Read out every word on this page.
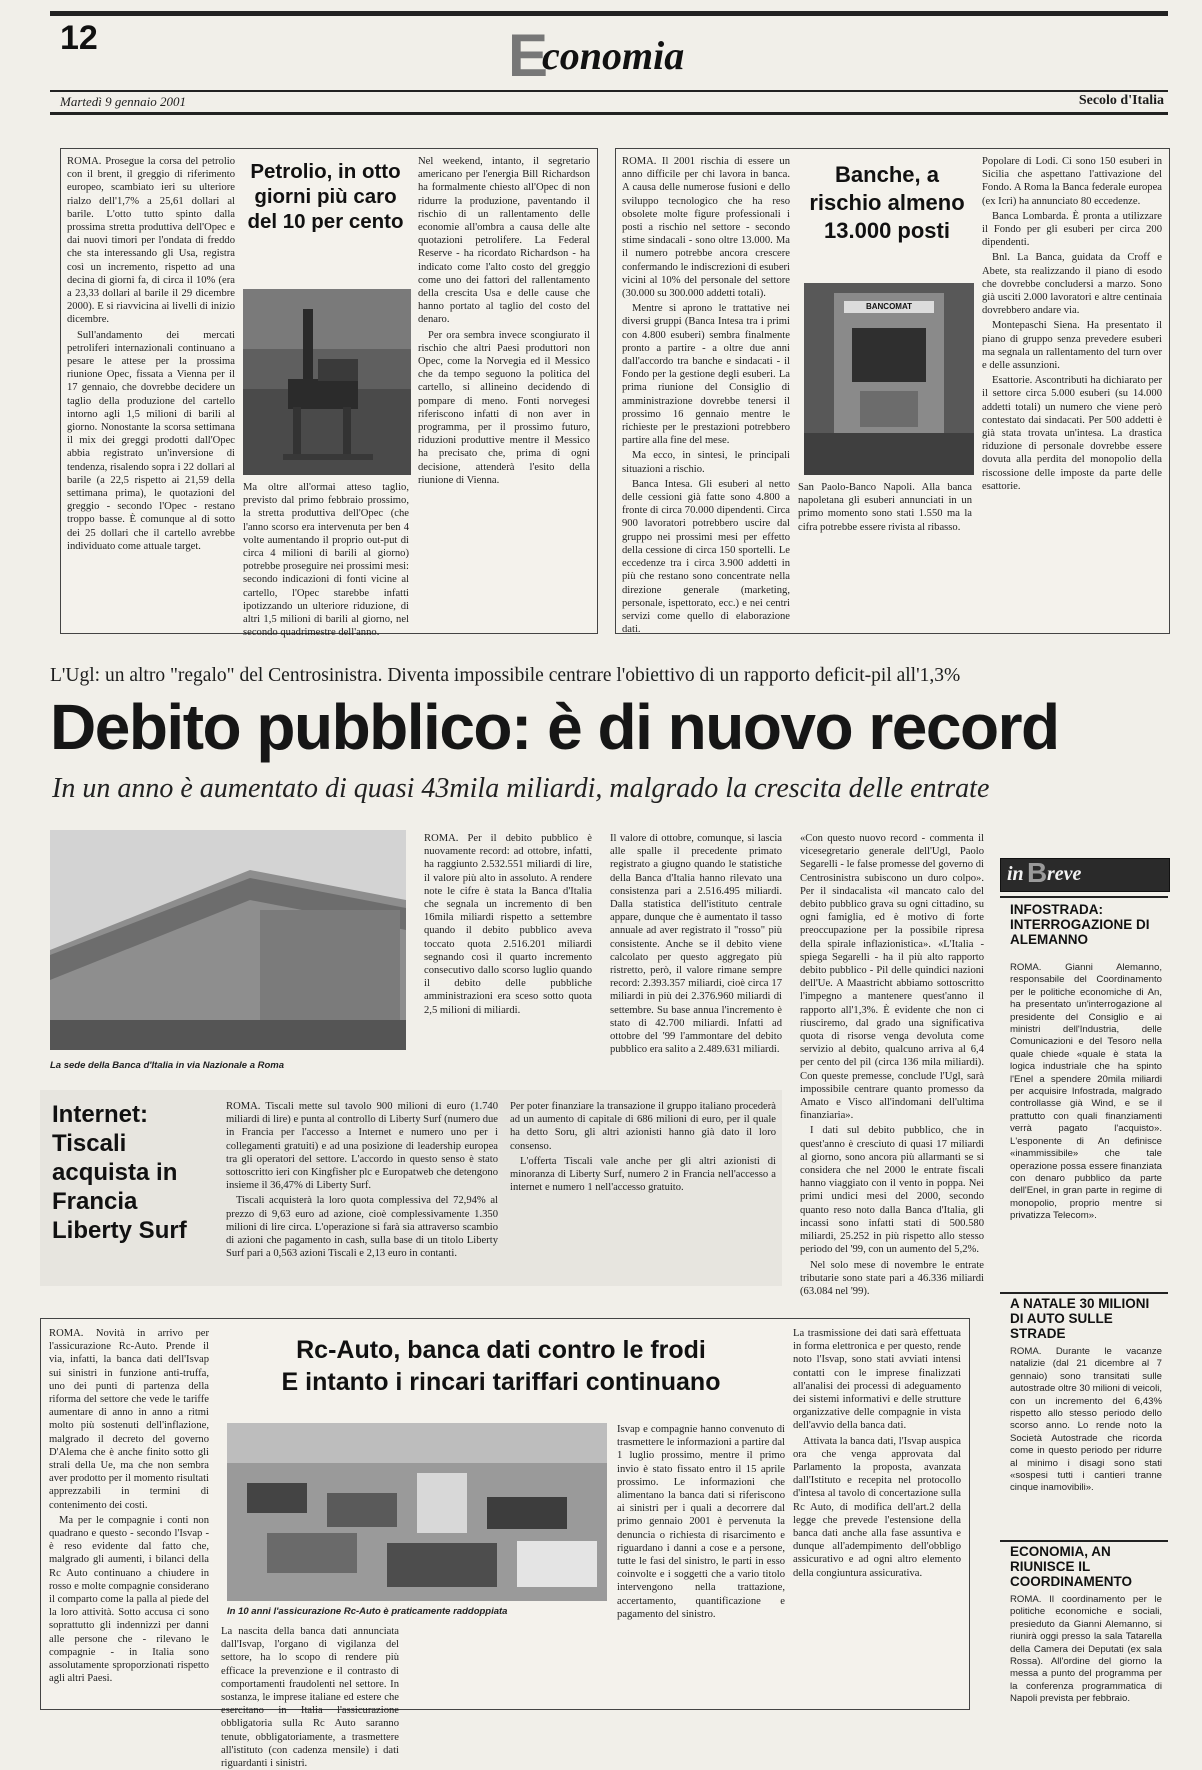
12	Economia
Martedì 9 gennaio 2001	Secolo d'Italia

ROMA. Prosegue la corsa del petrolio con il brent, il greggio di riferimento europeo, scambiato ieri su ulteriore rialzo dell'1,7% a 25,61 dollari al barile. L'otto tutto spinto dalla prossima stretta produttiva dell'Opec e dai nuovi timori per l'ondata di freddo che sta interessando gli Usa, registra così un incremento, rispetto ad una decina di giorni fa, di circa il 10% (era a 23,33 dollari al barile il 29 dicembre 2000). E si riavvicina ai livelli di inizio dicembre.

Sull'andamento dei mercati petroliferi internazionali continuano a pesare le attese per la prossima riunione Opec, fissata a Vienna per il 17 gennaio, che dovrebbe decidere un taglio della produzione del cartello intorno agli 1,5 milioni di barili al giorno. Nonostante la scorsa settimana il mix dei greggi prodotti dall'Opec abbia registrato un'inversione di tendenza, risalendo sopra i 22 dollari al barile (a 22,5 rispetto ai 21,59 della settimana prima), le quotazioni del greggio - secondo l'Opec - restano troppo basse. È comunque al di sotto dei 25 dollari che il cartello avrebbe individuato come attuale target.

Petrolio, in otto giorni più caro del 10 per cento

Ma oltre all'ormai atteso taglio, previsto dal primo febbraio prossimo, la stretta produttiva dell'Opec (che l'anno scorso era intervenuta per ben 4 volte aumentando il proprio out-put di circa 4 milioni di barili al giorno) potrebbe proseguire nei prossimi mesi: secondo indicazioni di fonti vicine al cartello, l'Opec starebbe infatti ipotizzando un ulteriore riduzione, di altri 1,5 milioni di barili al giorno, nel secondo quadrimestre dell'anno.

Nel weekend, intanto, il segretario americano per l'energia Bill Richardson ha formalmente chiesto all'Opec di non ridurre la produzione, paventando il rischio di un rallentamento delle economie all'ombra a causa delle alte quotazioni petrolifere. La Federal Reserve - ha ricordato Richardson - ha indicato come l'alto costo del greggio come uno dei fattori del rallentamento della crescita Usa e delle cause che hanno portato al taglio del costo del denaro.

Per ora sembra invece scongiurato il rischio che altri Paesi produttori non Opec, come la Norvegia ed il Messico che da tempo seguono la politica del cartello, si allineino decidendo di pompare di meno. Fonti norvegesi riferiscono infatti di non aver in programma, per il prossimo futuro, riduzioni produttive mentre il Messico ha precisato che, prima di ogni decisione, attenderà l'esito della riunione di Vienna.

ROMA. Il 2001 rischia di essere un anno difficile per chi lavora in banca. A causa delle numerose fusioni e dello sviluppo tecnologico che ha reso obsolete molte figure professionali i posti a rischio nel settore - secondo stime sindacali - sono oltre 13.000. Ma il numero potrebbe ancora crescere confermando le indiscrezioni di esuberi vicini al 10% del personale del settore (30.000 su 300.000 addetti totali).

Mentre si aprono le trattative nei diversi gruppi (Banca Intesa tra i primi con 4.800 esuberi) sembra finalmente pronto a partire - a oltre due anni dall'accordo tra banche e sindacati - il Fondo per la gestione degli esuberi. La prima riunione del Consiglio di amministrazione dovrebbe tenersi il prossimo 16 gennaio mentre le richieste per le prestazioni potrebbero partire alla fine del mese.

Ma ecco, in sintesi, le principali situazioni a rischio.

Banca Intesa. Gli esuberi al netto delle cessioni già fatte sono 4.800 a fronte di circa 70.000 dipendenti. Circa 900 lavoratori potrebbero uscire dal gruppo nei prossimi mesi per effetto della cessione di circa 150 sportelli. Le eccedenze tra i circa 3.900 addetti in più che restano sono concentrate nella direzione generale (marketing, personale, ispettorato, ecc.) e nei centri servizi come quello di elaborazione dati.

Banche, a rischio almeno 13.000 posti
BANCOMAT

San Paolo-Banco Napoli. Alla banca napoletana gli esuberi annunciati in un primo momento sono stati 1.550 ma la cifra potrebbe essere rivista al ribasso.

Popolare di Lodi. Ci sono 150 esuberi in Sicilia che aspettano l'attivazione del Fondo. A Roma la Banca federale europea (ex Icri) ha annunciato 80 eccedenze.

Banca Lombarda. È pronta a utilizzare il Fondo per gli esuberi per circa 200 dipendenti.

Bnl. La Banca, guidata da Croff e Abete, sta realizzando il piano di esodo che dovrebbe concludersi a marzo. Sono già usciti 2.000 lavoratori e altre centinaia dovrebbero andare via.

Montepaschi Siena. Ha presentato il piano di gruppo senza prevedere esuberi ma segnala un rallentamento del turn over e delle assunzioni.

Esattorie. Ascontributi ha dichiarato per il settore circa 5.000 esuberi (su 14.000 addetti totali) un numero che viene però contestato dai sindacati. Per 500 addetti è già stata trovata un'intesa. La drastica riduzione di personale dovrebbe essere dovuta alla perdita del monopolio della riscossione delle imposte da parte delle esattorie.

L'Ugl: un altro "regalo" del Centrosinistra. Diventa impossibile centrare l'obiettivo di un rapporto deficit-pil all'1,3%
Debito pubblico: è di nuovo record
In un anno è aumentato di quasi 43mila miliardi, malgrado la crescita delle entrate
La sede della Banca d'Italia in via Nazionale a Roma

ROMA. Per il debito pubblico è nuovamente record: ad ottobre, infatti, ha raggiunto 2.532.551 miliardi di lire, il valore più alto in assoluto. A rendere note le cifre è stata la Banca d'Italia che segnala un incremento di ben 16mila miliardi rispetto a settembre quando il debito pubblico aveva toccato quota 2.516.201 miliardi segnando così il quarto incremento consecutivo dallo scorso luglio quando il debito delle pubbliche amministrazioni era sceso sotto quota 2,5 milioni di miliardi.

Il valore di ottobre, comunque, si lascia alle spalle il precedente primato registrato a giugno quando le statistiche della Banca d'Italia hanno rilevato una consistenza pari a 2.516.495 miliardi. Dalla statistica dell'istituto centrale appare, dunque che è aumentato il tasso annuale ad aver registrato il "rosso" più consistente. Anche se il debito viene calcolato per questo aggregato più ristretto, però, il valore rimane sempre record: 2.393.357 miliardi, cioè circa 17 miliardi in più dei 2.376.960 miliardi di settembre. Su base annua l'incremento è stato di 42.700 miliardi. Infatti ad ottobre del '99 l'ammontare del debito pubblico era salito a 2.489.631 miliardi.

«Con questo nuovo record - commenta il vicesegretario generale dell'Ugl, Paolo Segarelli - le false promesse del governo di Centrosinistra subiscono un duro colpo». Per il sindacalista «il mancato calo del debito pubblico grava su ogni cittadino, su ogni famiglia, ed è motivo di forte preoccupazione per la possibile ripresa della spirale inflazionistica». «L'Italia - spiega Segarelli - ha il più alto rapporto debito pubblico - Pil delle quindici nazioni dell'Ue. A Maastricht abbiamo sottoscritto l'impegno a mantenere quest'anno il rapporto all'1,3%. È evidente che non ci riusciremo, dal grado una significativa quota di risorse venga devoluta come servizio al debito, qualcuno arriva al 6,4 per cento del pil (circa 136 mila miliardi). Con queste premesse, conclude l'Ugl, sarà impossibile centrare quanto promesso da Amato e Visco all'indomani dell'ultima finanziaria».

I dati sul debito pubblico, che in quest'anno è cresciuto di quasi 17 miliardi al giorno, sono ancora più allarmanti se si considera che nel 2000 le entrate fiscali hanno viaggiato con il vento in poppa. Nei primi undici mesi del 2000, secondo quanto reso noto dalla Banca d'Italia, gli incassi sono infatti stati di 500.580 miliardi, 25.252 in più rispetto allo stesso periodo del '99, con un aumento del 5,2%.

Nel solo mese di novembre le entrate tributarie sono state pari a 46.336 miliardi (63.084 nel '99).

Internet: Tiscali acquista in Francia Liberty Surf

ROMA. Tiscali mette sul tavolo 900 milioni di euro (1.740 miliardi di lire) e punta al controllo di Liberty Surf (numero due in Francia per l'accesso a Internet e numero uno per i collegamenti gratuiti) e ad una posizione di leadership europea tra gli operatori del settore. L'accordo in questo senso è stato sottoscritto ieri con Kingfisher plc e Europatweb che detengono insieme il 36,47% di Liberty Surf.

Tiscali acquisterà la loro quota complessiva del 72,94% al prezzo di 9,63 euro ad azione, cioè complessivamente 1.350 milioni di lire circa. L'operazione si farà sia attraverso scambio di azioni che pagamento in cash, sulla base di un titolo Liberty Surf pari a 0,563 azioni Tiscali e 2,13 euro in contanti.

Per poter finanziare la transazione il gruppo italiano procederà ad un aumento di capitale di 686 milioni di euro, per il quale ha detto Soru, gli altri azionisti hanno già dato il loro consenso.

L'offerta Tiscali vale anche per gli altri azionisti di minoranza di Liberty Surf, numero 2 in Francia nell'accesso a internet e numero 1 nell'accesso gratuito.

ROMA. Novità in arrivo per l'assicurazione Rc-Auto. Prende il via, infatti, la banca dati dell'Isvap sui sinistri in funzione anti-truffa, uno dei punti di partenza della riforma del settore che vede le tariffe aumentare di anno in anno a ritmi molto più sostenuti dell'inflazione, malgrado il decreto del governo D'Alema che è anche finito sotto gli strali della Ue, ma che non sembra aver prodotto per il momento risultati apprezzabili in termini di contenimento dei costi.

Ma per le compagnie i conti non quadrano e questo - secondo l'Isvap - è reso evidente dal fatto che, malgrado gli aumenti, i bilanci della Rc Auto continuano a chiudere in rosso e molte compagnie considerano il comparto come la palla al piede del la loro attività. Sotto accusa ci sono soprattutto gli indennizzi per danni alle persone che - rilevano le compagnie - in Italia sono assolutamente sproporzionati rispetto agli altri Paesi.

Rc-Auto, banca dati contro le frodi
E intanto i rincari tariffari continuano
In 10 anni l'assicurazione Rc-Auto è praticamente raddoppiata

La nascita della banca dati annunciata dall'Isvap, l'organo di vigilanza del settore, ha lo scopo di rendere più efficace la prevenzione e il contrasto di comportamenti fraudolenti nel settore. In sostanza, le imprese italiane ed estere che esercitano in Italia l'assicurazione obbligatoria sulla Rc Auto saranno tenute, obbligatoriamente, a trasmettere all'istituto (con cadenza mensile) i dati riguardanti i sinistri.

Isvap e compagnie hanno convenuto di trasmettere le informazioni a partire dal 1 luglio prossimo, mentre il primo invio è stato fissato entro il 15 aprile prossimo. Le informazioni che alimentano la banca dati si riferiscono ai sinistri per i quali a decorrere dal primo gennaio 2001 è pervenuta la denuncia o richiesta di risarcimento e riguardano i danni a cose e a persone, tutte le fasi del sinistro, le parti in esso coinvolte e i soggetti che a vario titolo intervengono nella trattazione, accertamento, quantificazione e pagamento del sinistro.

La trasmissione dei dati sarà effettuata in forma elettronica e per questo, rende noto l'Isvap, sono stati avviati intensi contatti con le imprese finalizzati all'analisi dei processi di adeguamento dei sistemi informativi e delle strutture organizzative delle compagnie in vista dell'avvio della banca dati.

Attivata la banca dati, l'Isvap auspica ora che venga approvata dal Parlamento la proposta, avanzata dall'Istituto e recepita nel protocollo d'intesa al tavolo di concertazione sulla Rc Auto, di modifica dell'art.2 della legge che prevede l'estensione della banca dati anche alla fase assuntiva e dunque all'adempimento dell'obbligo assicurativo e ad ogni altro elemento della congiuntura assicurativa.

in B reve
INFOSTRADA: INTERROGAZIONE DI ALEMANNO
ROMA. Gianni Alemanno, responsabile del Coordinamento per le politiche economiche di An, ha presentato un'interrogazione al presidente del Consiglio e ai ministri dell'Industria, delle Comunicazioni e del Tesoro nella quale chiede «quale è stata la logica industriale che ha spinto l'Enel a spendere 20mila miliardi per acquisire Infostrada, malgrado controllasse già Wind, e se il prattutto con quali finanziamenti verrà pagato l'acquisto». L'esponente di An definisce «inammissibile» che tale operazione possa essere finanziata con denaro pubblico da parte dell'Enel, in gran parte in regime di monopolio, proprio mentre si privatizza Telecom».
A NATALE 30 MILIONI DI AUTO SULLE STRADE
ROMA. Durante le vacanze natalizie (dal 21 dicembre al 7 gennaio) sono transitati sulle autostrade oltre 30 milioni di veicoli, con un incremento del 6,43% rispetto allo stesso periodo dello scorso anno. Lo rende noto la Società Autostrade che ricorda come in questo periodo per ridurre al minimo i disagi sono stati «sospesi tutti i cantieri tranne cinque inamovibili».
ECONOMIA, AN RIUNISCE IL COORDINAMENTO
ROMA. Il coordinamento per le politiche economiche e sociali, presieduto da Gianni Alemanno, si riunirà oggi presso la sala Tatarella della Camera dei Deputati (ex sala Rossa). All'ordine del giorno la messa a punto del programma per la conferenza programmatica di Napoli prevista per febbraio.
